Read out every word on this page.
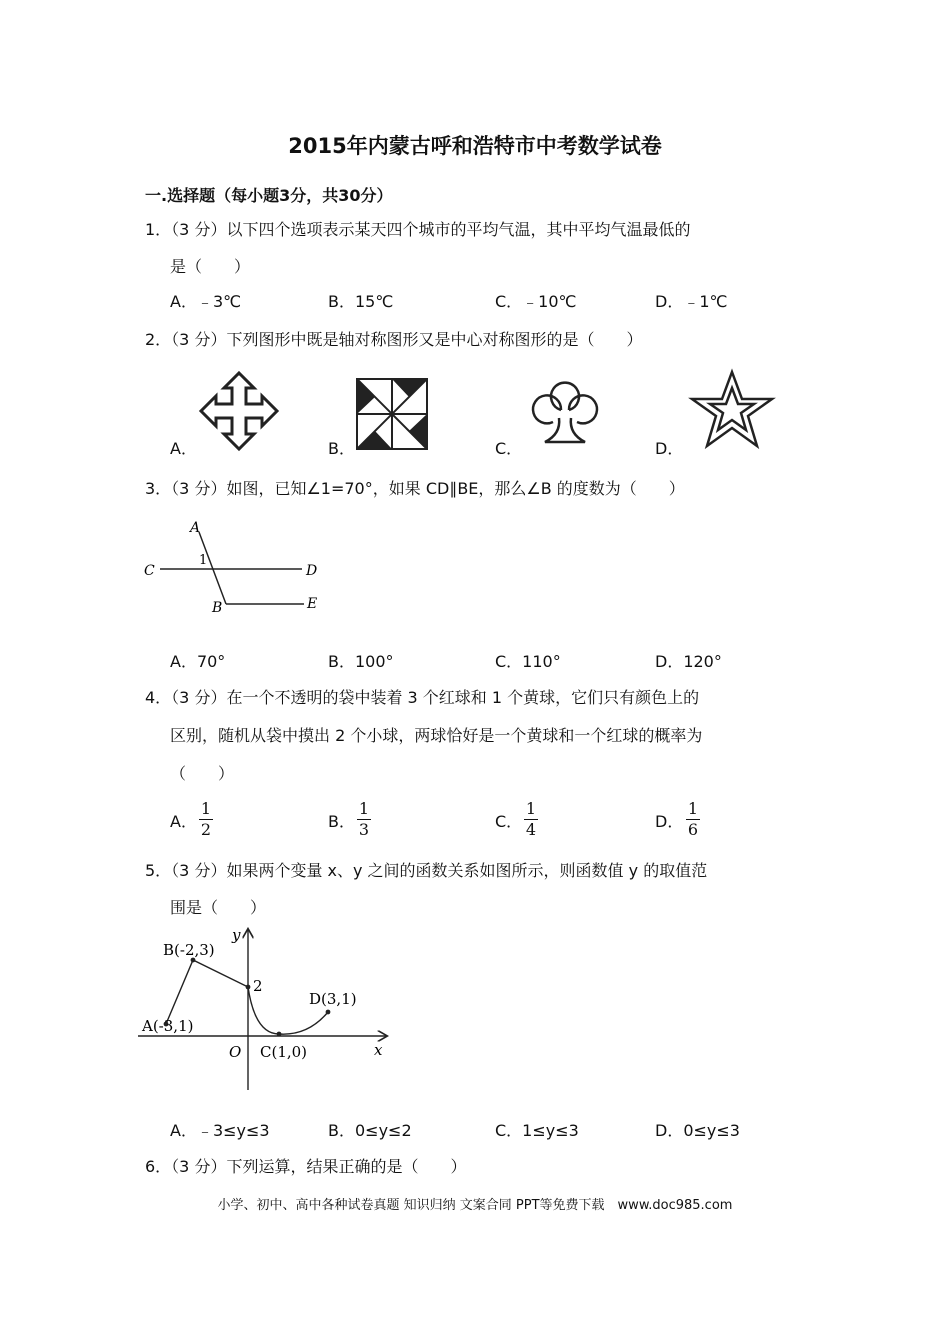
2015年内蒙古呼和浩特市中考数学试卷
一.选择题（每小题3分，共30分）
1．（3 分）以下四个选项表示某天四个城市的平均气温，其中平均气温最低的
是（　　）
A．﹣3℃	B．15℃	C．﹣10℃	D．﹣1℃
2．（3 分）下列图形中既是轴对称图形又是中心对称图形的是（　　）
A．	B．	C．	D．
3．（3 分）如图，已知∠1=70°，如果 CD∥BE，那么∠B 的度数为（　　）
A
1
C	D
B	E
A．70°	B．100°	C．110°	D．120°
4．（3 分）在一个不透明的袋中装着 3 个红球和 1 个黄球，它们只有颜色上的
区别，随机从袋中摸出 2 个小球，两球恰好是一个黄球和一个红球的概率为
（　　）
A．
1
2	B．
1
3	C．
1
4	D．
1
6
5．（3 分）如果两个变量 x、y 之间的函数关系如图所示，则函数值 y 的取值范
围是（　　）
y
x
O
B(-2,3)
2
D(3,1)
A(-3,1)
C(1,0)
A．﹣3≤y≤3	B．0≤y≤2	C．1≤y≤3	D．0≤y≤3
6．（3 分）下列运算，结果正确的是（　　）
小学、初中、高中各种试卷真题 知识归纳 文案合同 PPT等免费下载　www.doc985.com
